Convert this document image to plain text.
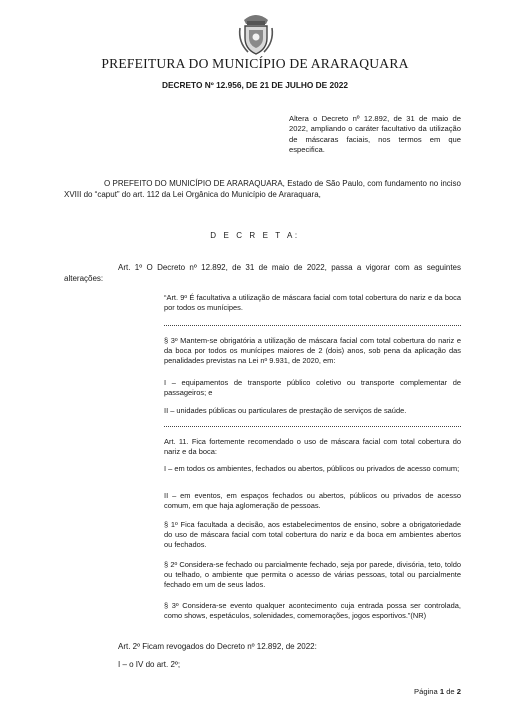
PREFEITURA DO MUNICÍPIO DE ARARAQUARA
DECRETO Nº 12.956, DE 21 DE JULHO DE 2022
Altera o Decreto nº 12.892, de 31 de maio de 2022, ampliando o caráter facultativo da utilização de máscaras faciais, nos termos em que especifica.
O PREFEITO DO MUNICÍPIO DE ARARAQUARA, Estado de São Paulo, com fundamento no inciso XVIII do “caput” do art. 112 da Lei Orgânica do Município de Araraquara,
D E C R E T A:
Art. 1º O Decreto nº 12.892, de 31 de maio de 2022, passa a vigorar com as seguintes alterações:
“Art. 9º É facultativa a utilização de máscara facial com total cobertura do nariz e da boca por todos os munícipes.
§ 3º Mantem-se obrigatória a utilização de máscara facial com total cobertura do nariz e da boca por todos os munícipes maiores de 2 (dois) anos, sob pena da aplicação das penalidades previstas na Lei nº 9.931, de 2020, em:
I – equipamentos de transporte público coletivo ou transporte complementar de passageiros; e
II – unidades públicas ou particulares de prestação de serviços de saúde.
Art. 11. Fica fortemente recomendado o uso de máscara facial com total cobertura do nariz e da boca:
I – em todos os ambientes, fechados ou abertos, públicos ou privados de acesso comum;
II – em eventos, em espaços fechados ou abertos, públicos ou privados de acesso comum, em que haja aglomeração de pessoas.
§ 1º Fica facultada a decisão, aos estabelecimentos de ensino, sobre a obrigatoriedade do uso de máscara facial com total cobertura do nariz e da boca em ambientes abertos ou fechados.
§ 2º Considera-se fechado ou parcialmente fechado, seja por parede, divisória, teto, toldo ou telhado, o ambiente que permita o acesso de várias pessoas, total ou parcialmente fechado em um de seus lados.
§ 3º Considera-se evento qualquer acontecimento cuja entrada possa ser controlada, como shows, espetáculos, solenidades, comemorações, jogos esportivos.”(NR)
Art. 2º Ficam revogados do Decreto nº 12.892, de 2022:
I – o IV do art. 2º;
Página 1 de 2
